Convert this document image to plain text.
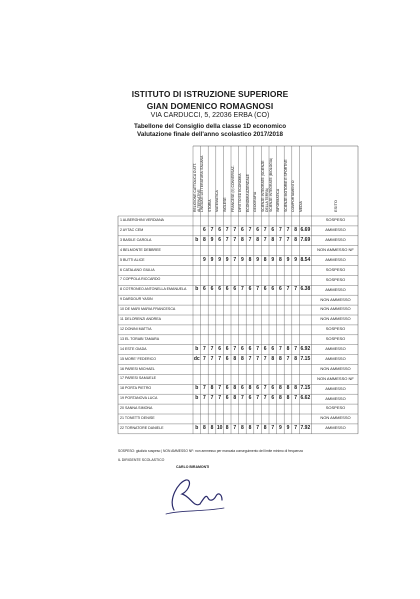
ISTITUTO DI ISTRUZIONE SUPERIORE
GIAN DOMENICO ROMAGNOSI
VIA CARDUCCI, 5, 22036 ERBA (CO)
Tabellone del Consiglio della classe 1D economico
Valutazione finale dell'anno scolastico 2017/2018
RELIGIONE CATTOLICA O ATT.
ALTERNATIVE LINGUA E LETTERATURA ITALIANA	STORIA	MATEMATICA	INGLESE	FRANCESE (II) CONVERSAZ.	DIRITTO ED ECONOMIA	ECONOMIA AZIENDALE	GEOGRAFIA	SCIENZE INTEGRATE (SCIENZE
DELLA TERRA) SCIENZE INTEGRATE (BIOLOGIA)	INFORMATICA	SCIENZE MOTORIE E SPORTIVE	COMPORTAMENTO	MEDIA	ESITO
1 ALBERGHINI VERDIANA	SOSPESO
2 AYTAC CEM	6 7 6 7 7 6 7 6 7 6 7 7 8 6.69	AMMESSO
3 BASILE CAROLA	b 8 9 6 7 7 8 7 8 7 8 7 7 8 7.69	AMMESSO
4 BELMONTE DEBBREE	NON AMMESSO NF
5 BUTTI ALICE	9 9 9 9 7 9 8 9 8 9 8 9 9 8.54	AMMESSO
6 CATALANO GIULIA	SOSPESO
7 COPPOLA RICCARDO	SOSPESO
8 COTRONEO ANTONELLA EMANUELA	b 6 6 6 6 6 7 6 7 6 6 6 7 7 6.38	AMMESSO
9 DARDOUR YASIN	NON AMMESSO
10 DE MARI MARIA FRANCESCA	NON AMMESSO
11 DELORENZI ANDREA	NON AMMESSO
12 DONINI MATTIA	SOSPESO
13 EL TORABI TAMARA	SOSPESO
14 ESTE GIADA	b 7 7 6 6 7 6 6 7 6 6 7 8 7 6.92	AMMESSO
15 MORE' FEDERICO	dc 7 7 7 6 8 8 7 7 7 8 8 7 8 7.15	AMMESSO
16 PARESI MICHAEL	NON AMMESSO
17 PARESI SAMUELE	NON AMMESSO NF
18 PORTA PIETRO	b 7 8 7 6 8 6 8 6 7 6 8 8 8 7.15	AMMESSO
19 PORTANOVA LUCA	b 7 7 7 6 8 7 6 7 7 6 8 8 7 6.62	AMMESSO
20 SANNA SIMONA	SOSPESO
21 TONETTI DENISE	NON AMMESSO
22 TORNATORE DANIELE	b 8 8 10 8 7 8 8 7 8 7 9 9 7 7.92	AMMESSO
SOSPESO: giudizio sospeso | NON AMMESSO NF: non ammesso per mancata conseguimento del limite minimo di frequenza
IL DIRIGENTE SCOLASTICO
CARLO BIRAMONTI
